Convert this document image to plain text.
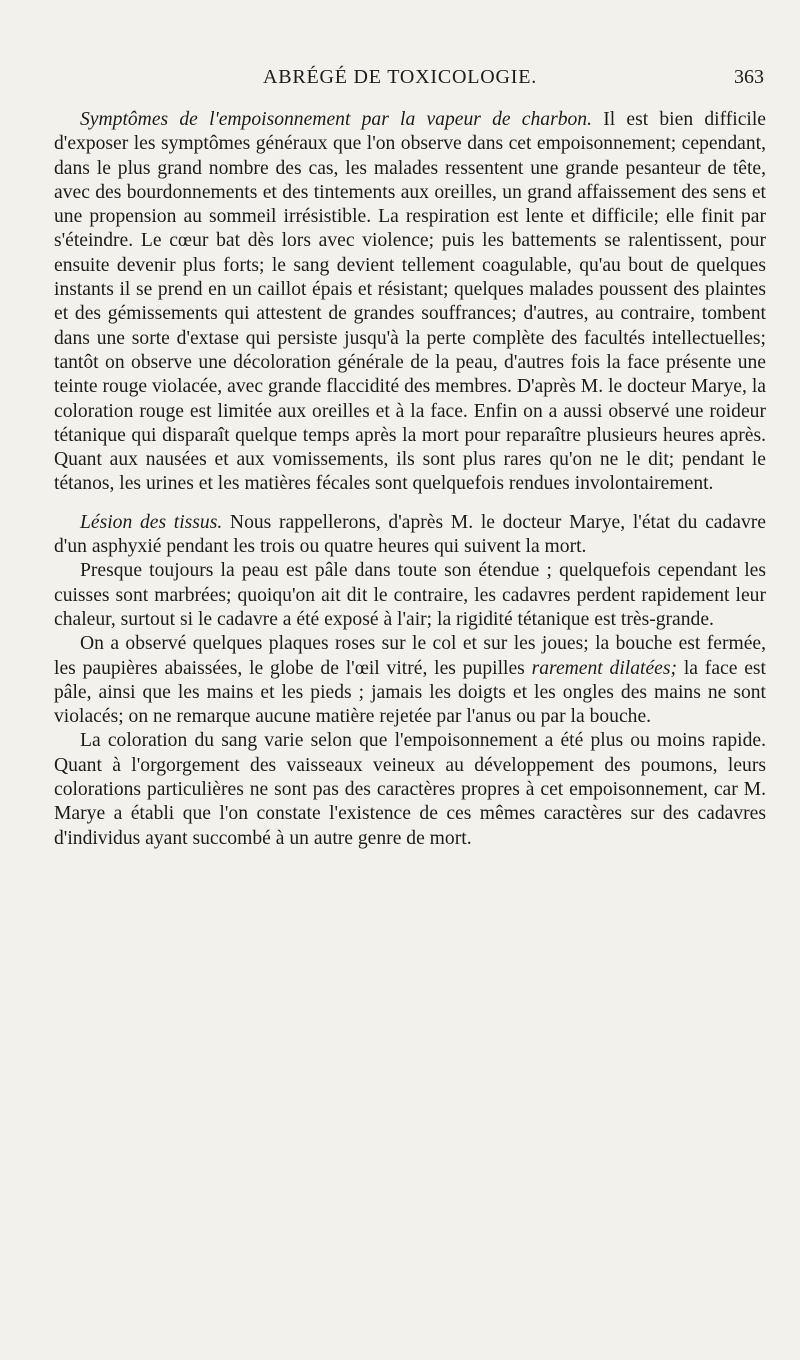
ABRÉGÉ DE TOXICOLOGIE.	363

Symptômes de l'empoisonnement par la vapeur de charbon. Il est bien difficile d'exposer les symptômes généraux que l'on observe dans cet empoisonnement; cependant, dans le plus grand nombre des cas, les malades ressentent une grande pesanteur de tête, avec des bourdonnements et des tintements aux oreilles, un grand affaissement des sens et une propension au sommeil irrésistible. La respiration est lente et difficile; elle finit par s'éteindre. Le cœur bat dès lors avec violence; puis les battements se ralentissent, pour ensuite devenir plus forts; le sang devient tellement coagulable, qu'au bout de quelques instants il se prend en un caillot épais et résistant; quelques malades poussent des plaintes et des gémissements qui attestent de grandes souffrances; d'autres, au contraire, tombent dans une sorte d'extase qui persiste jusqu'à la perte complète des facultés intellectuelles; tantôt on observe une décoloration générale de la peau, d'autres fois la face présente une teinte rouge violacée, avec grande flaccidité des membres. D'après M. le docteur Marye, la coloration rouge est limitée aux oreilles et à la face. Enfin on a aussi observé une roideur tétanique qui disparaît quelque temps après la mort pour reparaître plusieurs heures après. Quant aux nausées et aux vomissements, ils sont plus rares qu'on ne le dit; pendant le tétanos, les urines et les matières fécales sont quelquefois rendues involontairement.

Lésion des tissus. Nous rappellerons, d'après M. le docteur Marye, l'état du cadavre d'un asphyxié pendant les trois ou quatre heures qui suivent la mort.

Presque toujours la peau est pâle dans toute son étendue ; quelquefois cependant les cuisses sont marbrées; quoiqu'on ait dit le contraire, les cadavres perdent rapidement leur chaleur, surtout si le cadavre a été exposé à l'air; la rigidité tétanique est très-grande.

On a observé quelques plaques roses sur le col et sur les joues; la bouche est fermée, les paupières abaissées, le globe de l'œil vitré, les pupilles rarement dilatées; la face est pâle, ainsi que les mains et les pieds ; jamais les doigts et les ongles des mains ne sont violacés; on ne remarque aucune matière rejetée par l'anus ou par la bouche.

La coloration du sang varie selon que l'empoisonnement a été plus ou moins rapide. Quant à l'orgorgement des vaisseaux veineux au développement des poumons, leurs colorations particulières ne sont pas des caractères propres à cet empoisonnement, car M. Marye a établi que l'on constate l'existence de ces mêmes caractères sur des cadavres d'individus ayant succombé à un autre genre de mort.
